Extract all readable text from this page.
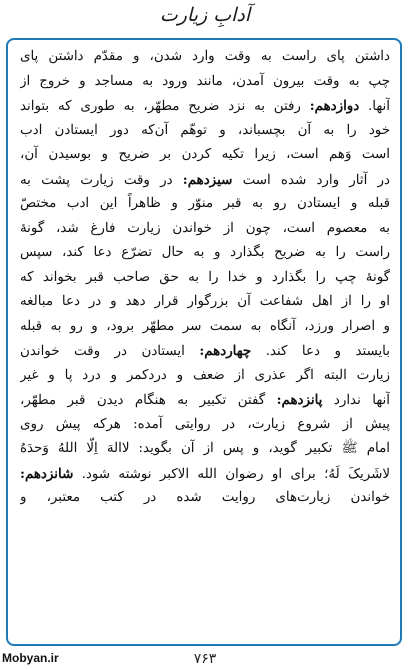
آدابِ زیارت
داشتن پای راست به وقت وارد شدن، و مقدّم داشتن پای
چپ به وقت بیرون آمدن، مانند ورود به مساجد و خروج از
آنها. دوازدهم: رفتن به نزد ضریح مطهّر، به طوری که بتواند
خود را به آن بچسباند، و توهّم آن‌که دور ایستادن ادب
است وَهم است، زیرا تکیه کردن بر ضریح و بوسیدن آن،
در آثار وارد شده است سیزدهم: در وقت زیارت پشت به
قبله و ایستادن رو به قبر منوّر و ظاهراً این ادب مختصّ
به معصوم است، چون از خواندن زیارت فارغ شد، گونهٔ
راست را به ضریح بگذارد و به حال تضرّع دعا کند، سپس
گونهٔ چپ را بگذارد و خدا را به حق صاحب قبر بخواند که
او را از اهل شفاعت آن بزرگوار قرار دهد و در دعا مبالغه
و اصرار ورزد، آنگاه به سمت سر مطهّر برود، و رو به قبله
بایستد و دعا کند. چهاردهم: ایستادن در وقت خواندن
زیارت البته اگر عذری از ضعف و دردکمر و درد پا و غیر
آنها ندارد پانزدهم: گفتن تکبیر به هنگام دیدن قبر مطهّر،
پیش از شروع زیارت، در روایتی آمده: هرکه پیش روی
امام ﷺ تکبیر گوید، و پس از آن بگوید: لاالهَ اِلَّا اللهُ وَحدَهُ
لاشَریکَ لَهُ؛ برای او رضوان الله الاکبر نوشته شود. شانزدهم:
خواندن زیارت‌های روایت شده در کتب معتبر، و
Mobyan.ir	۷۶۳
